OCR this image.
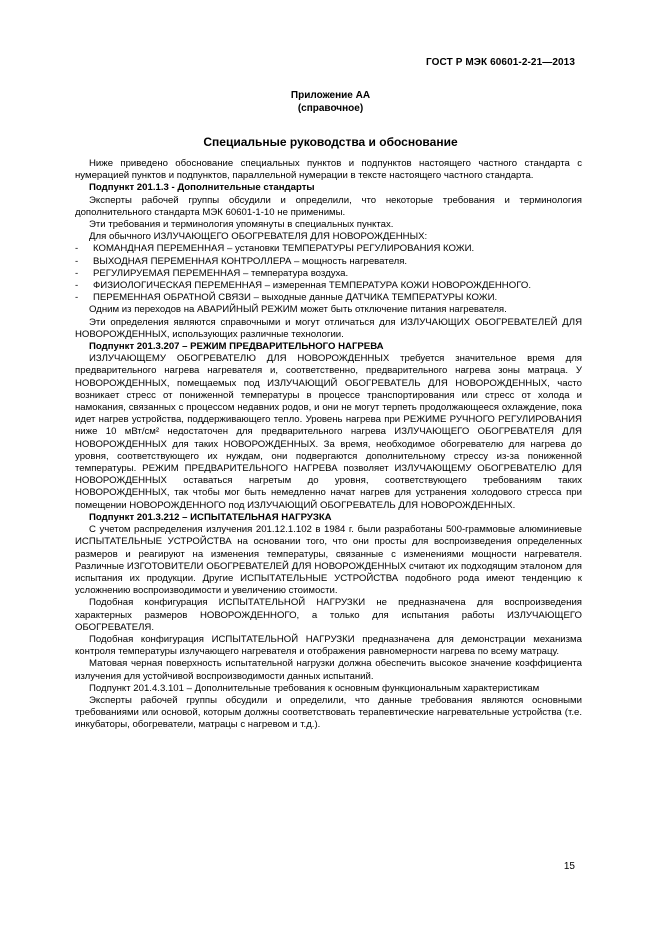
ГОСТ Р МЭК 60601-2-21—2013
Приложение АА
(справочное)
Специальные руководства и обоснование

Ниже приведено обоснование специальных пунктов и подпунктов настоящего частного стандарта с нумерацией пунктов и подпунктов, параллельной нумерации в тексте настоящего частного стандарта.

Подпункт 201.1.3 - Дополнительные стандарты

Эксперты рабочей группы обсудили и определили, что некоторые требования и терминология дополнительного стандарта МЭК 60601-1-10 не применимы.

Эти требования и терминология упомянуты в специальных пунктах.

Для обычного ИЗЛУЧАЮЩЕГО ОБОГРЕВАТЕЛЯ ДЛЯ НОВОРОЖДЕННЫХ:

- КОМАНДНАЯ ПЕРЕМЕННАЯ – установки ТЕМПЕРАТУРЫ РЕГУЛИРОВАНИЯ КОЖИ.

- ВЫХОДНАЯ ПЕРЕМЕННАЯ КОНТРОЛЛЕРА – мощность нагревателя.

- РЕГУЛИРУЕМАЯ ПЕРЕМЕННАЯ – температура воздуха.

- ФИЗИОЛОГИЧЕСКАЯ ПЕРЕМЕННАЯ – измеренная ТЕМПЕРАТУРА КОЖИ НОВОРОЖДЕННОГО.

- ПЕРЕМЕННАЯ ОБРАТНОЙ СВЯЗИ – выходные данные ДАТЧИКА ТЕМПЕРАТУРЫ КОЖИ.

Одним из переходов на АВАРИЙНЫЙ РЕЖИМ может быть отключение питания нагревателя.

Эти определения являются справочными и могут отличаться для ИЗЛУЧАЮЩИХ ОБОГРЕВАТЕЛЕЙ ДЛЯ НОВОРОЖДЕННЫХ, использующих различные технологии.

Подпункт 201.3.207 – РЕЖИМ ПРЕДВАРИТЕЛЬНОГО НАГРЕВА

ИЗЛУЧАЮЩЕМУ ОБОГРЕВАТЕЛЮ ДЛЯ НОВОРОЖДЕННЫХ требуется значительное время для предварительного нагрева нагревателя и, соответственно, предварительного нагрева зоны матраца. У НОВОРОЖДЕННЫХ, помещаемых под ИЗЛУЧАЮЩИЙ ОБОГРЕВАТЕЛЬ ДЛЯ НОВОРОЖДЕННЫХ, часто возникает стресс от пониженной температуры в процессе транспортирования или стресс от холода и намокания, связанных с процессом недавних родов, и они не могут терпеть продолжающееся охлаждение, пока идет нагрев устройства, поддерживающего тепло. Уровень нагрева при РЕЖИМЕ РУЧНОГО РЕГУЛИРОВАНИЯ ниже 10 мВт/см² недостаточен для предварительного нагрева ИЗЛУЧАЮЩЕГО ОБОГРЕВАТЕЛЯ ДЛЯ НОВОРОЖДЕННЫХ для таких НОВОРОЖДЕННЫХ. За время, необходимое обогревателю для нагрева до уровня, соответствующего их нуждам, они подвергаются дополнительному стрессу из-за пониженной температуры. РЕЖИМ ПРЕДВАРИТЕЛЬНОГО НАГРЕВА позволяет ИЗЛУЧАЮЩЕМУ ОБОГРЕВАТЕЛЮ ДЛЯ НОВОРОЖДЕННЫХ оставаться нагретым до уровня, соответствующего требованиям таких НОВОРОЖДЕННЫХ, так чтобы мог быть немедленно начат нагрев для устранения холодового стресса при помещении НОВОРОЖДЕННОГО под ИЗЛУЧАЮЩИЙ ОБОГРЕВАТЕЛЬ ДЛЯ НОВОРОЖДЕННЫХ.

Подпункт 201.3.212 – ИСПЫТАТЕЛЬНАЯ НАГРУЗКА

С учетом распределения излучения 201.12.1.102 в 1984 г. были разработаны 500-граммовые алюминиевые ИСПЫТАТЕЛЬНЫЕ УСТРОЙСТВА на основании того, что они просты для воспроизведения определенных размеров и реагируют на изменения температуры, связанные с изменениями мощности нагревателя. Различные ИЗГОТОВИТЕЛИ ОБОГРЕВАТЕЛЕЙ ДЛЯ НОВОРОЖДЕННЫХ считают их подходящим эталоном для испытания их продукции. Другие ИСПЫТАТЕЛЬНЫЕ УСТРОЙСТВА подобного рода имеют тенденцию к усложнению воспроизводимости и увеличению стоимости.

Подобная конфигурация ИСПЫТАТЕЛЬНОЙ НАГРУЗКИ не предназначена для воспроизведения характерных размеров НОВОРОЖДЕННОГО, а только для испытания работы ИЗЛУЧАЮЩЕГО ОБОГРЕВАТЕЛЯ.

Подобная конфигурация ИСПЫТАТЕЛЬНОЙ НАГРУЗКИ предназначена для демонстрации механизма контроля температуры излучающего нагревателя и отображения равномерности нагрева по всему матрацу.

Матовая черная поверхность испытательной нагрузки должна обеспечить высокое значение коэффициента излучения для устойчивой воспроизводимости данных испытаний.

Подпункт 201.4.3.101 – Дополнительные требования к основным функциональным характеристикам

Эксперты рабочей группы обсудили и определили, что данные требования являются основными требованиями или основой, которым должны соответствовать терапевтические нагревательные устройства (т.е. инкубаторы, обогреватели, матрацы с нагревом и т.д.).

15
